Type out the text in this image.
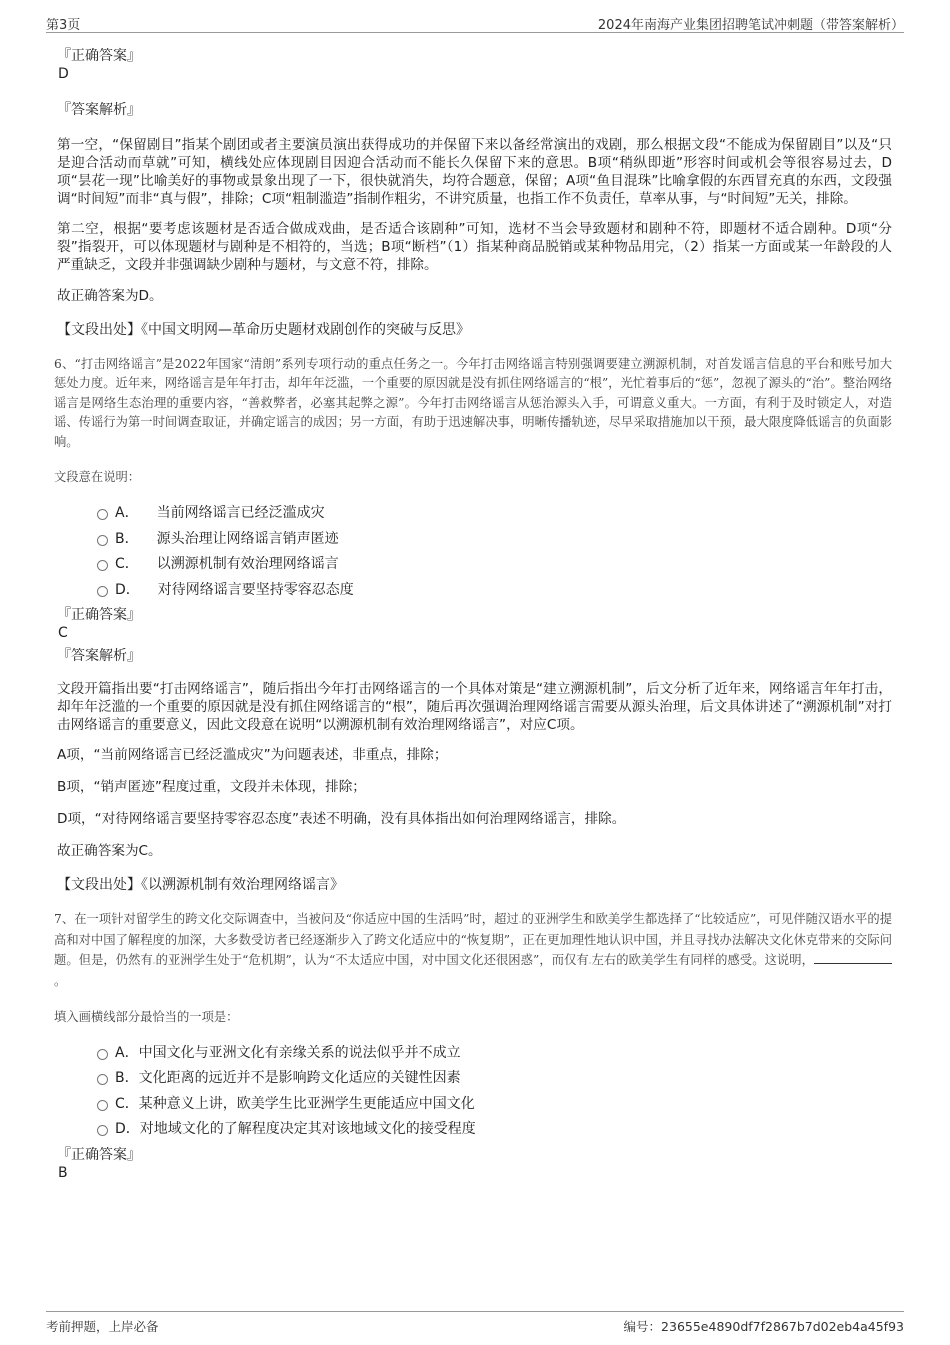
第3页	2024年南海产业集团招聘笔试冲刺题（带答案解析）

『正确答案』

D

『答案解析』

第一空，“保留剧目”指某个剧团或者主要演员演出获得成功的并保留下来以备经常演出的戏剧，那么根据文段“不能成为保留剧目”以及“只是迎合活动而草就”可知，横线处应体现剧目因迎合活动而不能长久保留下来的意思。B项“稍纵即逝”形容时间或机会等很容易过去，D项“昙花一现”比喻美好的事物或景象出现了一下，很快就消失，均符合题意，保留；A项“鱼目混珠”比喻拿假的东西冒充真的东西，文段强调“时间短”而非“真与假”，排除；C项“粗制滥造”指制作粗劣，不讲究质量，也指工作不负责任，草率从事，与“时间短”无关，排除。

第二空，根据“要考虑该题材是否适合做成戏曲，是否适合该剧种”可知，选材不当会导致题材和剧种不符，即题材不适合剧种。D项“分裂”指裂开，可以体现题材与剧种是不相符的，当选；B项“断档”（1）指某种商品脱销或某种物品用完，（2）指某一方面或某一年龄段的人严重缺乏，文段并非强调缺少剧种与题材，与文意不符，排除。

故正确答案为D。

【文段出处】《中国文明网—革命历史题材戏剧创作的突破与反思》

6、“打击网络谣言”是2022年国家“清朗”系列专项行动的重点任务之一。今年打击网络谣言特别强调要建立溯源机制，对首发谣言信息的平台和账号加大惩处力度。近年来，网络谣言是年年打击，却年年泛滥，一个重要的原因就是没有抓住网络谣言的“根”，光忙着事后的“惩”，忽视了源头的“治”。整治网络谣言是网络生态治理的重要内容，“善救弊者，必塞其起弊之源”。今年打击网络谣言从惩治源头入手，可谓意义重大。一方面，有利于及时锁定人，对造谣、传谣行为第一时间调查取证，并确定谣言的成因；另一方面，有助于迅速解决事，明晰传播轨迹，尽早采取措施加以干预，最大限度降低谣言的负面影响。

文段意在说明：

A． 当前网络谣言已经泛滥成灾
B． 源头治理让网络谣言销声匿迹
C． 以溯源机制有效治理网络谣言
D． 对待网络谣言要坚持零容忍态度

『正确答案』

C

『答案解析』

文段开篇指出要“打击网络谣言”，随后指出今年打击网络谣言的一个具体对策是“建立溯源机制”，后文分析了近年来，网络谣言年年打击，却年年泛滥的一个重要的原因就是没有抓住网络谣言的“根”，随后再次强调治理网络谣言需要从源头治理，后文具体讲述了“溯源机制”对打击网络谣言的重要意义，因此文段意在说明“以溯源机制有效治理网络谣言”，对应C项。

A项，“当前网络谣言已经泛滥成灾”为问题表述，非重点，排除；

B项，“销声匿迹”程度过重，文段并未体现，排除；

D项，“对待网络谣言要坚持零容忍态度”表述不明确，没有具体指出如何治理网络谣言，排除。

故正确答案为C。

【文段出处】《以溯源机制有效治理网络谣言》

7、在一项针对留学生的跨文化交际调查中，当被问及“你适应中国的生活吗”时，超过▫的亚洲学生和欧美学生都选择了“比较适应”，可见伴随汉语水平的提高和对中国了解程度的加深，大多数受访者已经逐渐步入了跨文化适应中的“恢复期”，正在更加理性地认识中国，并且寻找办法解决文化休克带来的交际问题。但是，仍然有▫的亚洲学生处于“危机期”，认为“不太适应中国，对中国文化还很困惑”，而仅有▫左右的欧美学生有同样的感受。这说明，。

填入画横线部分最恰当的一项是：

A．中国文化与亚洲文化有亲缘关系的说法似乎并不成立
B．文化距离的远近并不是影响跨文化适应的关键性因素
C．某种意义上讲，欧美学生比亚洲学生更能适应中国文化
D．对地域文化的了解程度决定其对该地域文化的接受程度

『正确答案』

B

考前押题，上岸必备	编号：23655e4890df7f2867b7d02eb4a45f93
